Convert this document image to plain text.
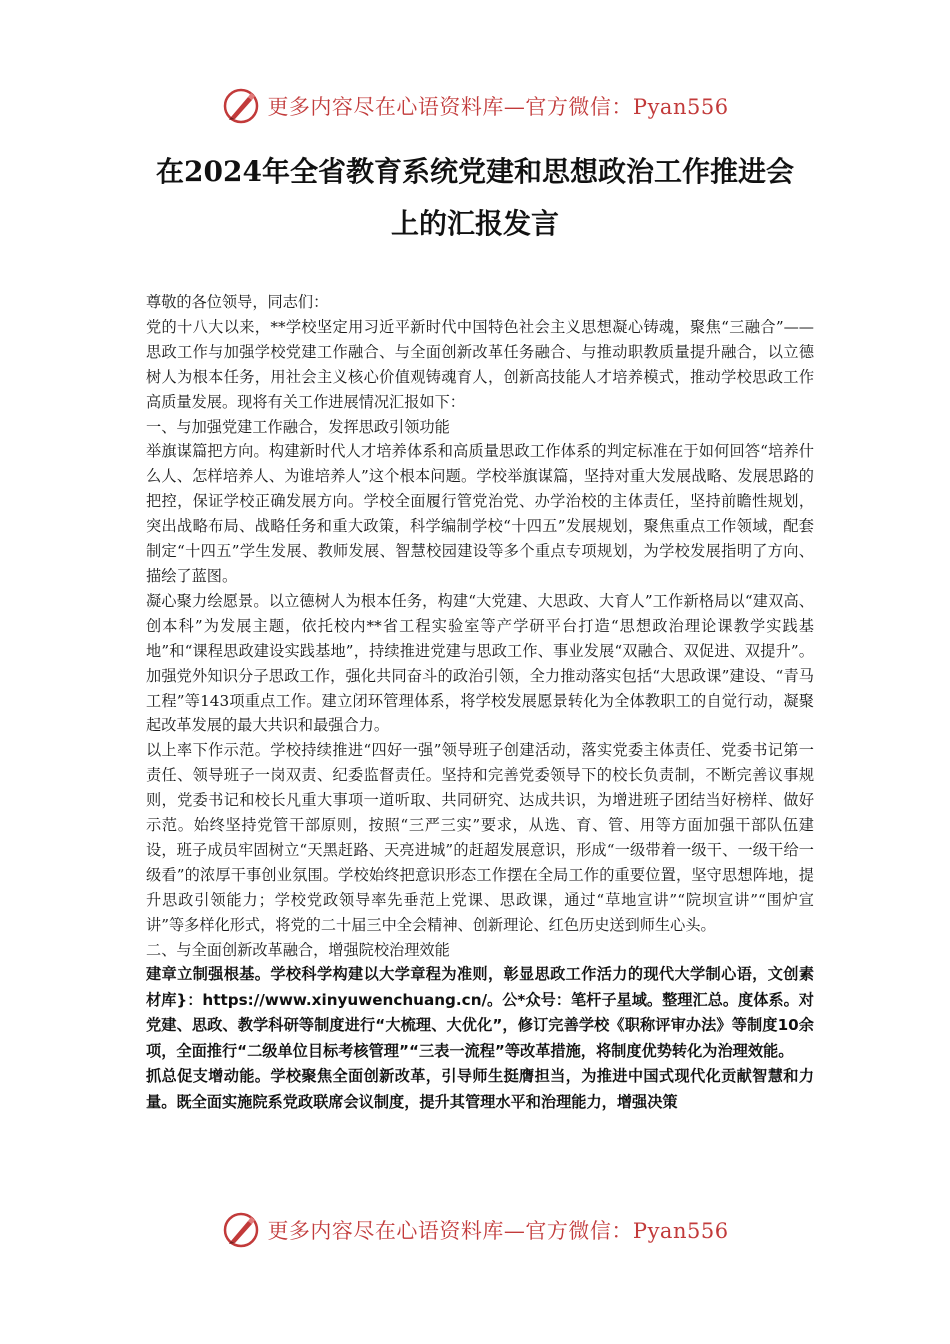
更多内容尽在心语资料库—官方微信：Pyan556
在2024年全省教育系统党建和思想政治工作推进会
上的汇报发言

尊敬的各位领导，同志们：

党的十八大以来，**学校坚定用习近平新时代中国特色社会主义思想凝心铸魂，聚焦“三融合”——思政工作与加强学校党建工作融合、与全面创新改革任务融合、与推动职教质量提升融合，以立德树人为根本任务，用社会主义核心价值观铸魂育人，创新高技能人才培养模式，推动学校思政工作高质量发展。现将有关工作进展情况汇报如下：

一、与加强党建工作融合，发挥思政引领功能

举旗谋篇把方向。构建新时代人才培养体系和高质量思政工作体系的判定标准在于如何回答“培养什么人、怎样培养人、为谁培养人”这个根本问题。学校举旗谋篇，坚持对重大发展战略、发展思路的把控，保证学校正确发展方向。学校全面履行管党治党、办学治校的主体责任，坚持前瞻性规划，突出战略布局、战略任务和重大政策，科学编制学校“十四五”发展规划，聚焦重点工作领域，配套制定“十四五”学生发展、教师发展、智慧校园建设等多个重点专项规划，为学校发展指明了方向、描绘了蓝图。

凝心聚力绘愿景。以立德树人为根本任务，构建“大党建、大思政、大育人”工作新格局以“建双高、创本科”为发展主题，依托校内**省工程实验室等产学研平台打造“思想政治理论课教学实践基地”和“课程思政建设实践基地”，持续推进党建与思政工作、事业发展“双融合、双促进、双提升”。加强党外知识分子思政工作，强化共同奋斗的政治引领，全力推动落实包括“大思政课”建设、“青马工程”等143项重点工作。建立闭环管理体系，将学校发展愿景转化为全体教职工的自觉行动，凝聚起改革发展的最大共识和最强合力。

以上率下作示范。学校持续推进“四好一强”领导班子创建活动，落实党委主体责任、党委书记第一责任、领导班子一岗双责、纪委监督责任。坚持和完善党委领导下的校长负责制，不断完善议事规则，党委书记和校长凡重大事项一道听取、共同研究、达成共识，为增进班子团结当好榜样、做好示范。始终坚持党管干部原则，按照“三严三实”要求，从选、育、管、用等方面加强干部队伍建设，班子成员牢固树立“天黑赶路、天亮进城”的赶超发展意识，形成“一级带着一级干、一级干给一级看”的浓厚干事创业氛围。学校始终把意识形态工作摆在全局工作的重要位置，坚守思想阵地，提升思政引领能力；学校党政领导率先垂范上党课、思政课，通过“草地宣讲”“院坝宣讲”“围炉宣讲”等多样化形式，将党的二十届三中全会精神、创新理论、红色历史送到师生心头。

二、与全面创新改革融合，增强院校治理效能

建章立制强根基。学校科学构建以大学章程为准则，彰显思政工作活力的现代大学制心语，文创素材库}：https://www.xinyuwenchuang.cn/。公*众号：笔杆子星域。整理汇总。度体系。对党建、思政、教学科研等制度进行“大梳理、大优化”，修订完善学校《职称评审办法》等制度10余项，全面推行“二级单位目标考核管理”“三表一流程”等改革措施，将制度优势转化为治理效能。

抓总促支增动能。学校聚焦全面创新改革，引导师生挺膺担当，为推进中国式现代化贡献智慧和力量。既全面实施院系党政联席会议制度，提升其管理水平和治理能力，增强决策

更多内容尽在心语资料库—官方微信：Pyan556
